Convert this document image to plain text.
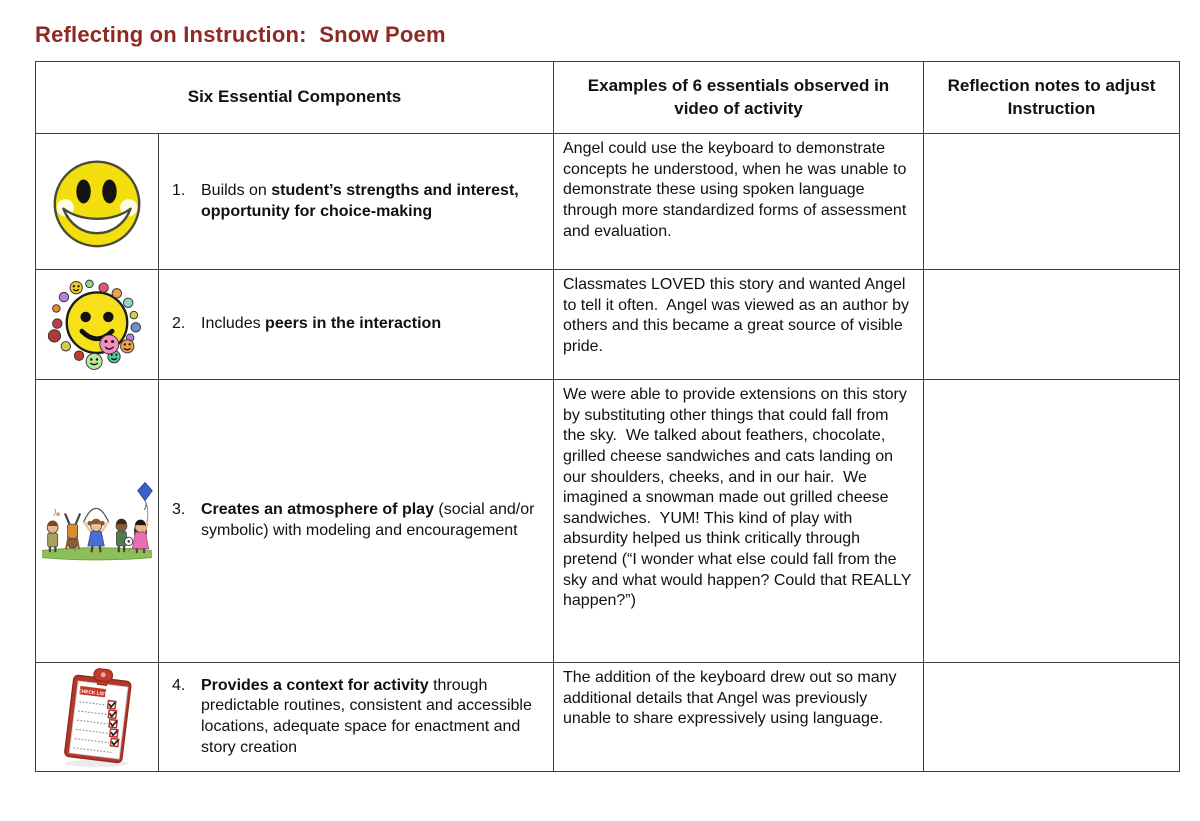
Reflecting on Instruction:  Snow Poem
Six Essential Components		Examples of 6 essentials observed in video of activity	Reflection notes to adjust Instruction

1. Builds on student’s strengths and interest, opportunity for choice-making	Angel could use the keyboard to demonstrate concepts he understood, when he was unable to demonstrate these using spoken language through more standardized forms of assessment and evaluation.	

2. Includes peers in the interaction	Classmates LOVED this story and wanted Angel to tell it often.  Angel was viewed as an author by others and this became a great source of visible pride.	

3. Creates an atmosphere of play (social and/or symbolic) with modeling and encouragement	We were able to provide extensions on this story by substituting other things that could fall from the sky.  We talked about feathers, chocolate, grilled cheese sandwiches and cats landing on our shoulders, cheeks, and in our hair.  We imagined a snowman made out grilled cheese sandwiches.  YUM! This kind of play with absurdity helped us think critically through pretend (“I wonder what else could fall from the sky and what would happen? Could that REALLY happen?”)	

CHECK LIST	4. Provides a context for activity through predictable routines, consistent and accessible locations, adequate space for enactment and story creation	The addition of the keyboard drew out so many additional details that Angel was previously unable to share expressively using language.	
